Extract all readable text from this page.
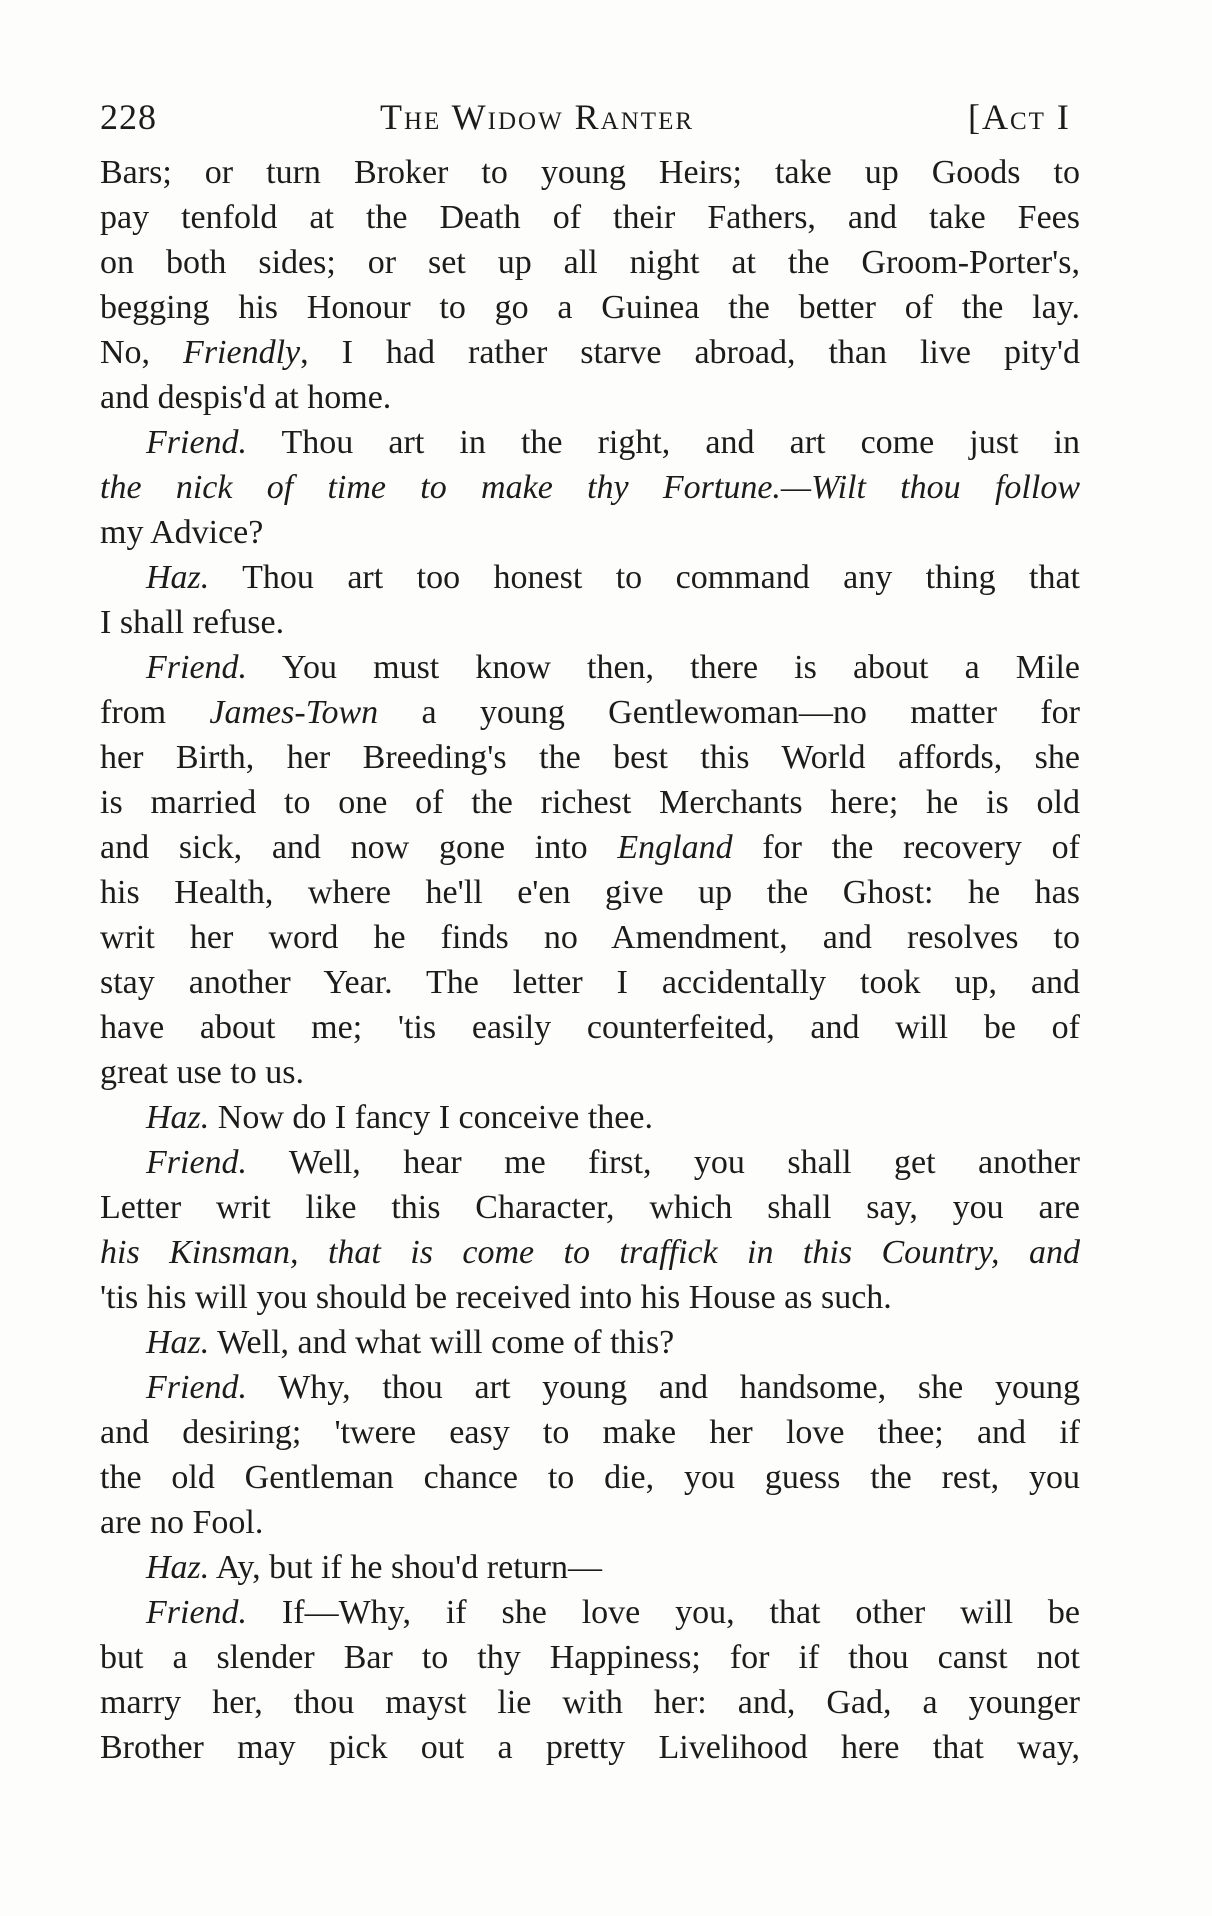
228	The Widow Ranter	[Act I
Bars; or turn Broker to young Heirs; take up Goods to
pay tenfold at the Death of their Fathers, and take Fees
on both sides; or set up all night at the Groom-Porter's,
begging his Honour to go a Guinea the better of the lay.
No, Friendly, I had rather starve abroad, than live pity'd
and despis'd at home.
Friend. Thou art in the right, and art come just in
the nick of time to make thy Fortune.—Wilt thou follow
my Advice?
Haz. Thou art too honest to command any thing that
I shall refuse.
Friend. You must know then, there is about a Mile
from James-Town a young Gentlewoman—no matter for
her Birth, her Breeding's the best this World affords, she
is married to one of the richest Merchants here; he is old
and sick, and now gone into England for the recovery of
his Health, where he'll e'en give up the Ghost: he has
writ her word he finds no Amendment, and resolves to
stay another Year. The letter I accidentally took up, and
have about me; 'tis easily counterfeited, and will be of
great use to us.
Haz. Now do I fancy I conceive thee.
Friend. Well, hear me first, you shall get another
Letter writ like this Character, which shall say, you are
his Kinsman, that is come to traffick in this Country, and
'tis his will you should be received into his House as such.
Haz. Well, and what will come of this?
Friend. Why, thou art young and handsome, she young
and desiring; 'twere easy to make her love thee; and if
the old Gentleman chance to die, you guess the rest, you
are no Fool.
Haz. Ay, but if he shou'd return—
Friend. If—Why, if she love you, that other will be
but a slender Bar to thy Happiness; for if thou canst not
marry her, thou mayst lie with her: and, Gad, a younger
Brother may pick out a pretty Livelihood here that way,
